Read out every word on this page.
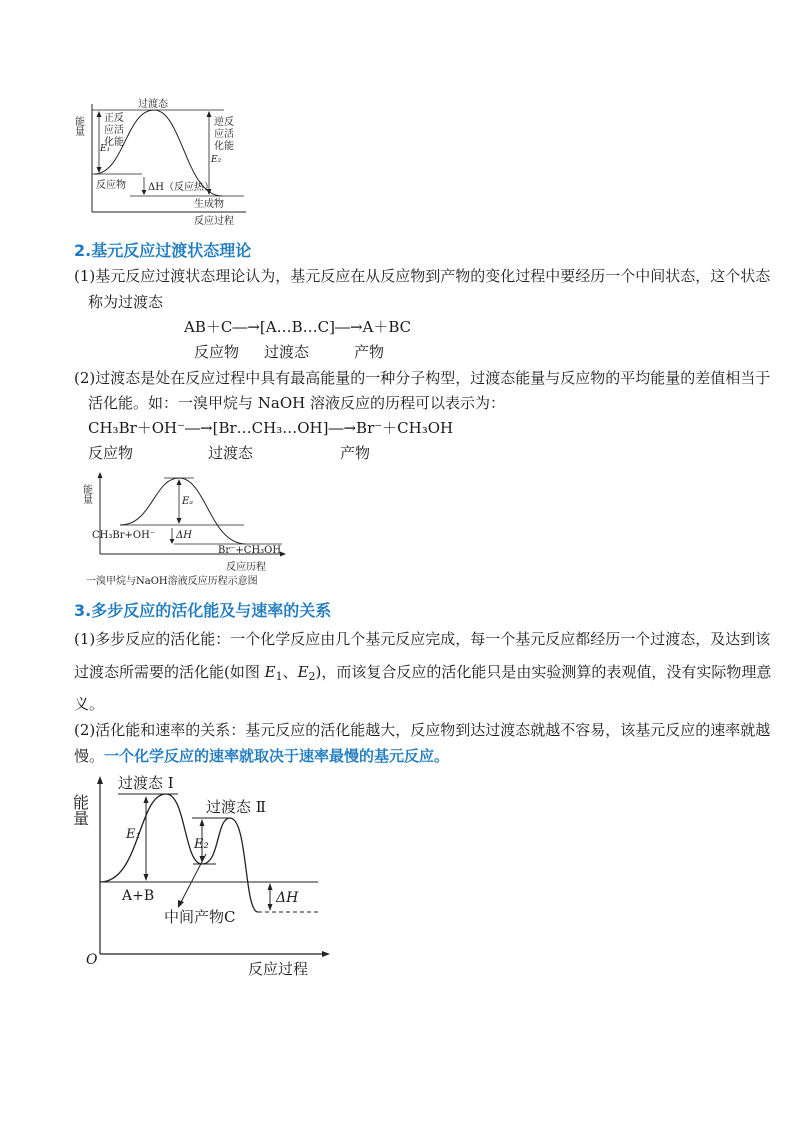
能量
过渡态
正反
应活
化能
E₁
逆反
应活
化能
E₂
反应物 ΔH（反应热）
生成物
反应过程
2.基元反应过渡状态理论
(1)基元反应过渡状态理论认为，基元反应在从反应物到产物的变化过程中要经历一个中间状态，这个状态
称为过渡态
AB＋C―→[A…B…C]―→A＋BC
反应物 过渡态	产物
(2)过渡态是处在反应过程中具有最高能量的一种分子构型，过渡态能量与反应物的平均能量的差值相当于
活化能。如：一溴甲烷与 NaOH 溶液反应的历程可以表示为：
CH₃Br＋OH⁻―→[Br…CH₃…OH]―→Br⁻＋CH₃OH
反应物	过渡态	产物
能量	Eₐ
ΔH
CH₃Br+OH⁻
Br⁻+CH₃OH
反应历程
一溴甲烷与NaOH溶液反应历程示意图
3.多步反应的活化能及与速率的关系
(1)多步反应的活化能：一个化学反应由几个基元反应完成，每一个基元反应都经历一个过渡态，及达到该
过渡态所需要的活化能(如图 $E_1$、$E_2$)，而该复合反应的活化能只是由实验测算的表观值，没有实际物理意
义。
(2)活化能和速率的关系：基元反应的活化能越大，反应物到达过渡态就越不容易，该基元反应的速率就越
慢。一个化学反应的速率就取决于速率最慢的基元反应。
能量
过渡态 I
过渡态 Ⅱ
E₁
E₂
A+B
中间产物C
ΔH
O	反应过程
